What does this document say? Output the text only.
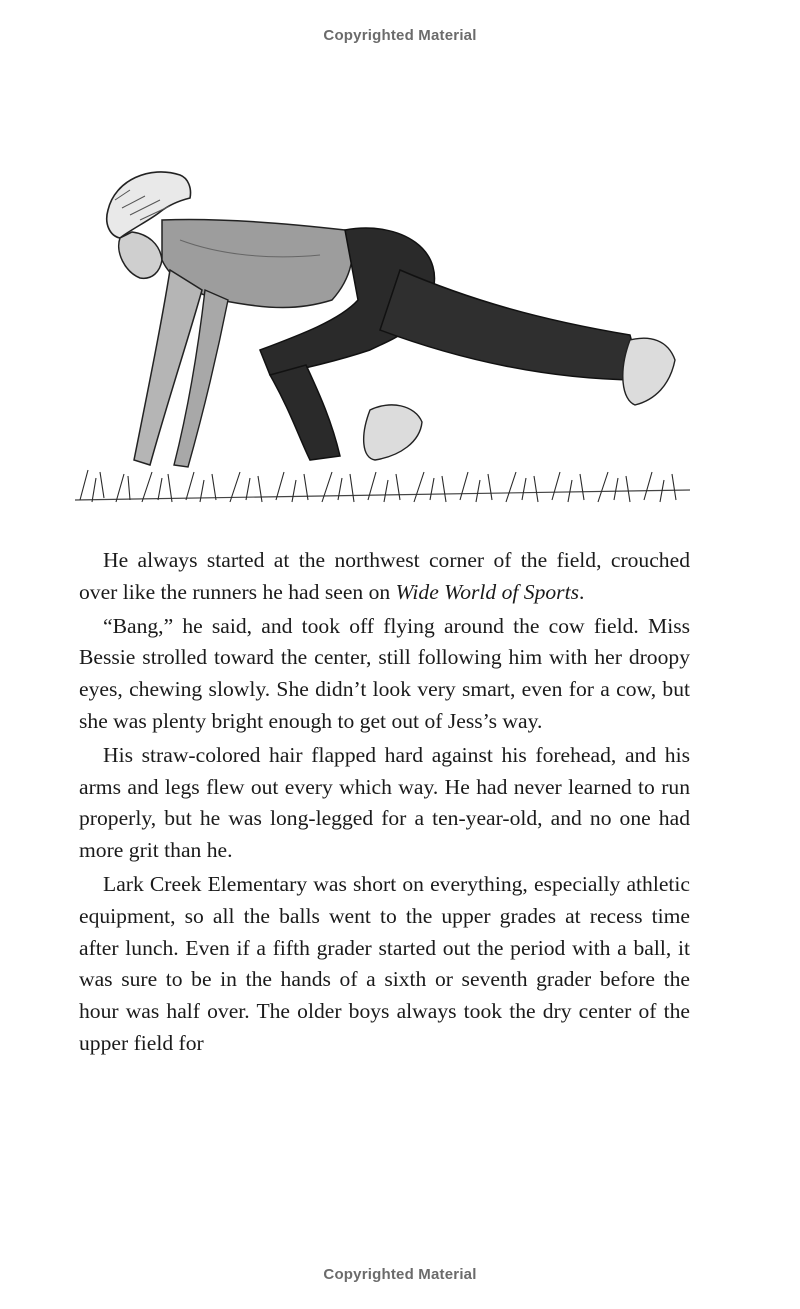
Copyrighted Material

He always started at the northwest corner of the field, crouched over like the runners he had seen on Wide World of Sports.

“Bang,” he said, and took off flying around the cow field. Miss Bessie strolled toward the center, still following him with her droopy eyes, chewing slowly. She didn’t look very smart, even for a cow, but she was plenty bright enough to get out of Jess’s way.

His straw-colored hair flapped hard against his forehead, and his arms and legs flew out every which way. He had never learned to run properly, but he was long-legged for a ten-year-old, and no one had more grit than he.

Lark Creek Elementary was short on everything, especially athletic equipment, so all the balls went to the upper grades at recess time after lunch. Even if a fifth grader started out the period with a ball, it was sure to be in the hands of a sixth or seventh grader before the hour was half over. The older boys always took the dry center of the upper field for

Copyrighted Material
